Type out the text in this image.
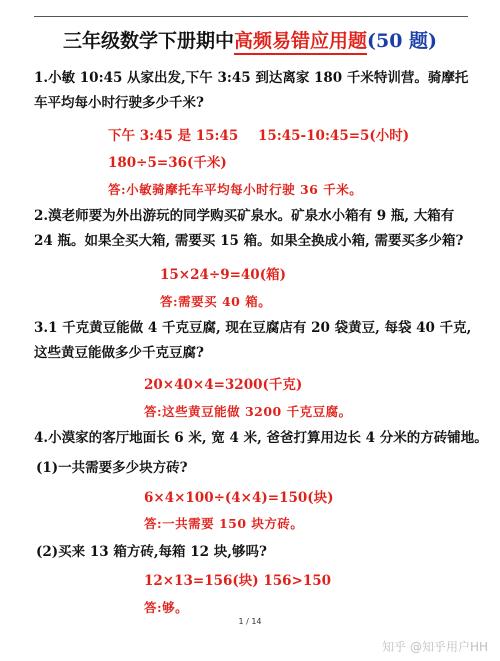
三年级数学下册期中高频易错应用题(50 题)
1.小敏 10:45 从家出发,下午 3:45 到达离家 180 千米特训营。骑摩托车平均每小时行驶多少千米?
下午 3:45 是 15:45 15:45-10:45=5(小时)
180÷5=36(千米)
答:小敏骑摩托车平均每小时行驶 36 千米。
2.漠老师要为外出游玩的同学购买矿泉水。矿泉水小箱有 9 瓶, 大箱有 24 瓶。如果全买大箱, 需要买 15 箱。如果全换成小箱, 需要买多少箱?
15×24÷9=40(箱)
答:需要买 40 箱。
3.1 千克黄豆能做 4 千克豆腐, 现在豆腐店有 20 袋黄豆, 每袋 40 千克, 这些黄豆能做多少千克豆腐?
20×40×4=3200(千克)
答:这些黄豆能做 3200 千克豆腐。
4.小漠家的客厅地面长 6 米, 宽 4 米, 爸爸打算用边长 4 分米的方砖铺地。
(1)一共需要多少块方砖?
6×4×100÷(4×4)=150(块)
答:一共需要 150 块方砖。
(2)买来 13 箱方砖,每箱 12 块,够吗?
12×13=156(块) 156>150
答:够。
1 / 14
知乎 @知乎用户HH
